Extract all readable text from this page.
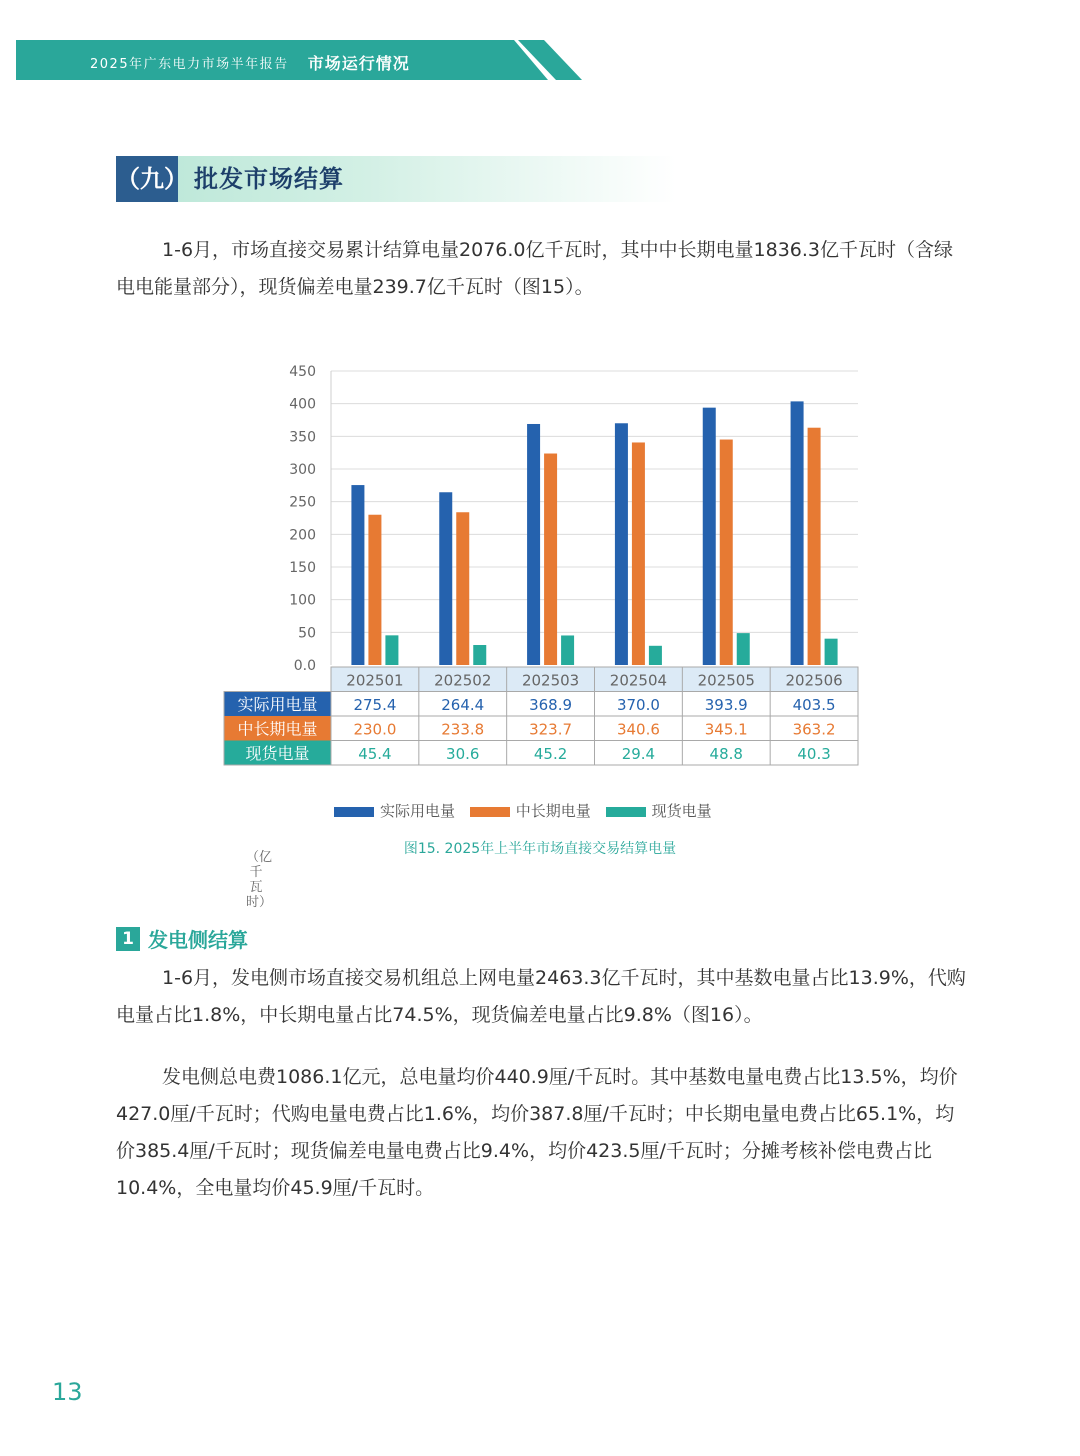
2025年广东电力市场半年报告 市场运行情况
（九） 批发市场结算

1-6月，市场直接交易累计结算电量2076.0亿千瓦时，其中中长期电量1836.3亿千瓦时（含绿电电能量部分），现货偏差电量239.7亿千瓦时（图15）。

0.0
50
100
150
200
250
300
350
400
450
202501 202502 202503 202504 202505 202506
实际用电量 275.4	264.4	368.9	370.0	393.9	403.5
中长期电量 230.0	233.8	323.7	340.6	345.1	363.2
现货电量	45.4	30.6	45.2	29.4	48.8	40.3
（亿千瓦时）
实际用电量	中长期电量	现货电量
图15. 2025年上半年市场直接交易结算电量
1 发电侧结算

1-6月，发电侧市场直接交易机组总上网电量2463.3亿千瓦时，其中基数电量占比13.9%，代购电量占比1.8%，中长期电量占比74.5%，现货偏差电量占比9.8%（图16）。

发电侧总电费1086.1亿元，总电量均价440.9厘/千瓦时。其中基数电量电费占比13.5%，均价427.0厘/千瓦时；代购电量电费占比1.6%，均价387.8厘/千瓦时；中长期电量电费占比65.1%，均价385.4厘/千瓦时；现货偏差电量电费占比9.4%，均价423.5厘/千瓦时；分摊考核补偿电费占比10.4%，全电量均价45.9厘/千瓦时。

13
